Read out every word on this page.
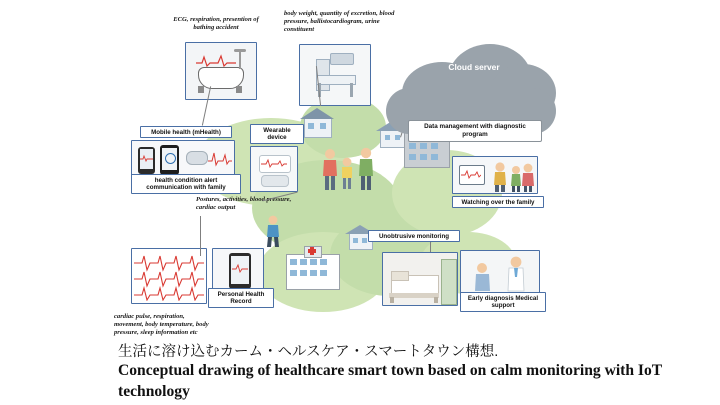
ECG, respiration, presention of bathing accident
body weight, quantity of excretion, blood pressure, ballistocardiogram, urine constituent
Cloud server
Data management with diagnostic program
Mobile health (mHealth)
health condition alert communication with family
Wearable device
Postures, activities, blood pressure, cardiac output
Watching over the family
Unobtrusive monitoring
Early diagnosis Medical support
Personal Health Record
cardiac pulse, respiration, movement, body temperature, body pressure, sleep information etc
生活に溶け込むカーム・ヘルスケア・スマートタウン構想.
Conceptual drawing of healthcare smart town based on calm monitoring with IoT technology
